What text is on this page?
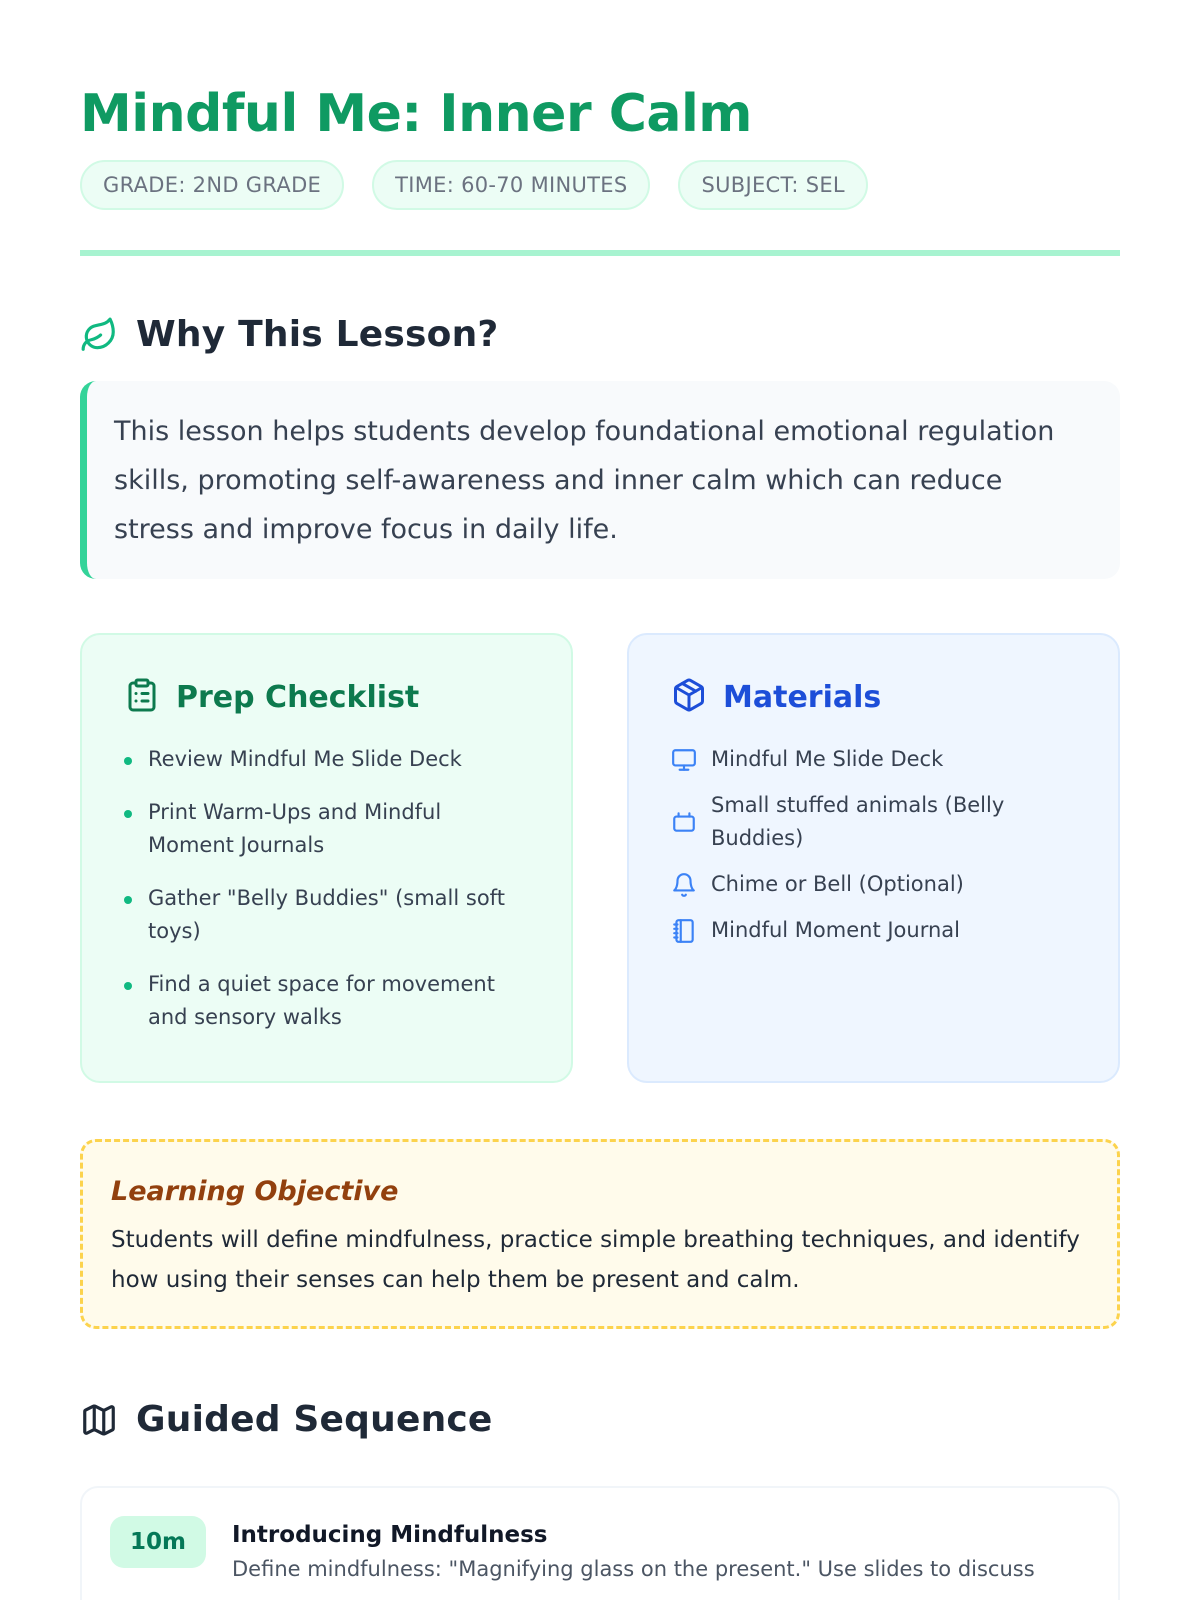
Mindful Me: Inner Calm
GRADE: 2ND GRADE	TIME: 60-70 MINUTES	SUBJECT: SEL
Why This Lesson?

This lesson helps students develop foundational emotional regulation skills, promoting self-awareness and inner calm which can reduce stress and improve focus in daily life.

Prep Checklist
Review Mindful Me Slide Deck
Print Warm-Ups and Mindful Moment Journals
Gather "Belly Buddies" (small soft toys)
Find a quiet space for movement and sensory walks
Materials
Mindful Me Slide Deck
Small stuffed animals (Belly Buddies)
Chime or Bell (Optional)
Mindful Moment Journal
Learning Objective

Students will define mindfulness, practice simple breathing techniques, and identify how using their senses can help them be present and calm.

Guided Sequence
10m	Introducing Mindfulness

Define mindfulness: "Magnifying glass on the present." Use slides to discuss
